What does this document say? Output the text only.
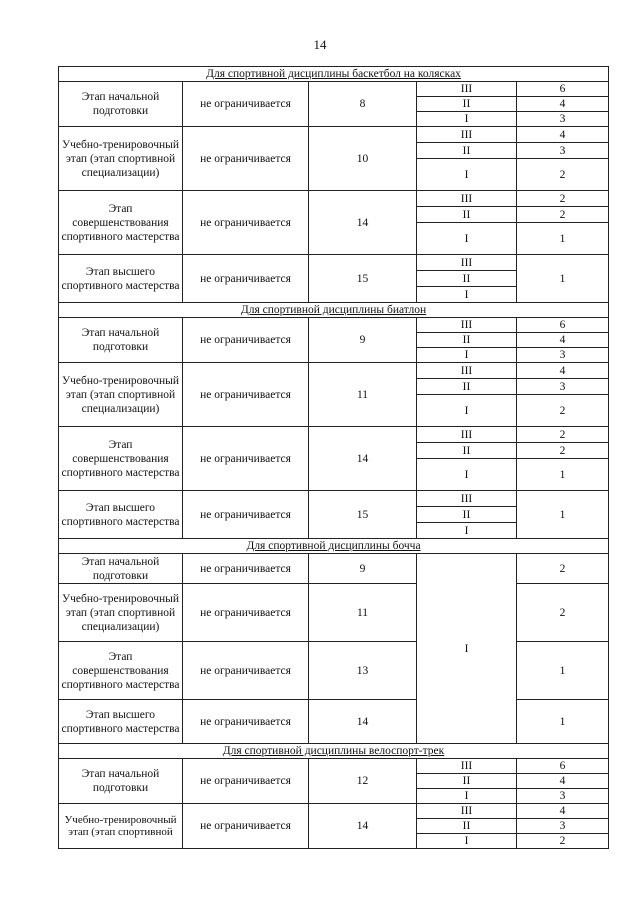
14
Для спортивной дисциплины баскетбол на колясках				
Этап начальной подготовки	не ограничивается	8	III	6
			II	4
			I	3
Учебно-тренировочный этап (этап спортивной специализации)	не ограничивается	10	III	4
			II	3
			I	2
Этап совершенствования спортивного мастерства	не ограничивается	14	III	2
			II	2
			I	1
Этап высшего спортивного мастерства	не ограничивается	15	III	1
			II	
			I	
Для спортивной дисциплины биатлон				
Этап начальной подготовки	не ограничивается	9	III	6
			II	4
			I	3
Учебно-тренировочный этап (этап спортивной специализации)	не ограничивается	11	III	4
			II	3
			I	2
Этап совершенствования спортивного мастерства	не ограничивается	14	III	2
			II	2
			I	1
Этап высшего спортивного мастерства	не ограничивается	15	III	1
			II	
			I	
Для спортивной дисциплины бочча				
Этап начальной подготовки	не ограничивается	9	I	2
Учебно-тренировочный этап (этап спортивной специализации)	не ограничивается	11		2
Этап совершенствования спортивного мастерства	не ограничивается	13		1
Этап высшего спортивного мастерства	не ограничивается	14		1
Для спортивной дисциплины велоспорт-трек				
Этап начальной подготовки	не ограничивается	12	III	6
			II	4
			I	3
Учебно-тренировочный этап (этап спортивной	не ограничивается	14	III	4
			II	3
			I	2
